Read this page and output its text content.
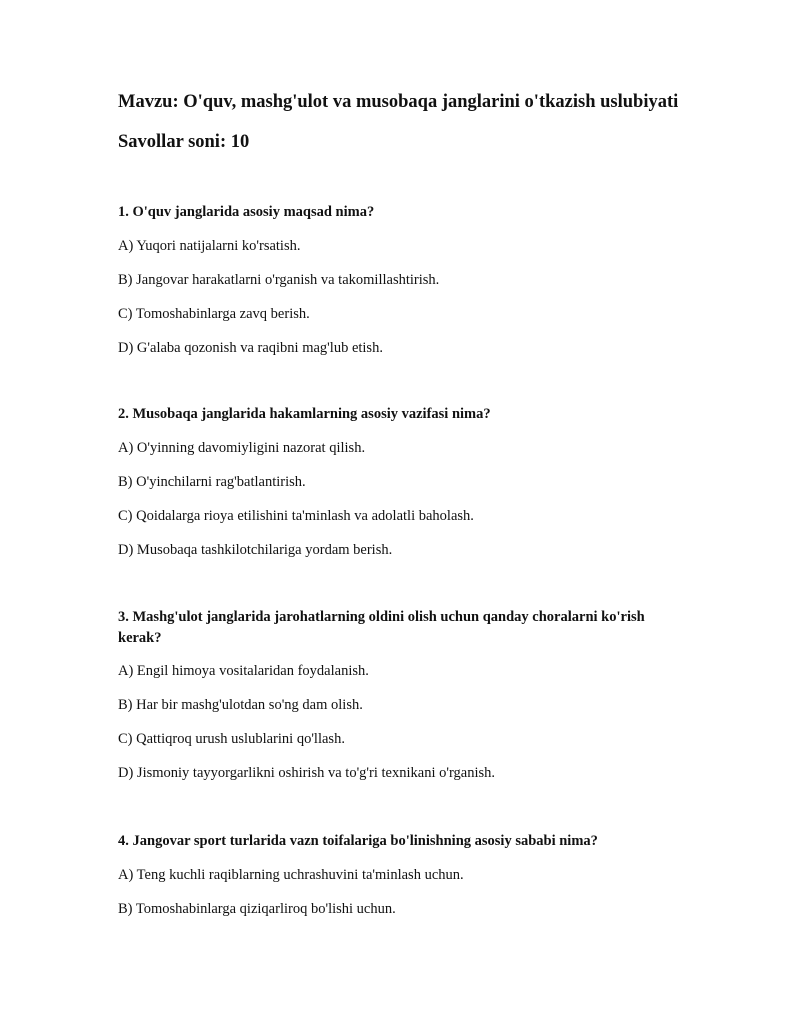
Mavzu: O'quv, mashg'ulot va musobaqa janglarini o'tkazish uslubiyati
Savollar soni: 10

1. O'quv janglarida asosiy maqsad nima?

A) Yuqori natijalarni ko'rsatish.

B) Jangovar harakatlarni o'rganish va takomillashtirish.

C) Tomoshabinlarga zavq berish.

D) G'alaba qozonish va raqibni mag'lub etish.

2. Musobaqa janglarida hakamlarning asosiy vazifasi nima?

A) O'yinning davomiyligini nazorat qilish.

B) O'yinchilarni rag'batlantirish.

C) Qoidalarga rioya etilishini ta'minlash va adolatli baholash.

D) Musobaqa tashkilotchilariga yordam berish.

3. Mashg'ulot janglarida jarohatlarning oldini olish uchun qanday choralarni ko'rish kerak?

A) Engil himoya vositalaridan foydalanish.

B) Har bir mashg'ulotdan so'ng dam olish.

C) Qattiqroq urush uslublarini qo'llash.

D) Jismoniy tayyorgarlikni oshirish va to'g'ri texnikani o'rganish.

4. Jangovar sport turlarida vazn toifalariga bo'linishning asosiy sababi nima?

A) Teng kuchli raqiblarning uchrashuvini ta'minlash uchun.

B) Tomoshabinlarga qiziqarliroq bo'lishi uchun.
